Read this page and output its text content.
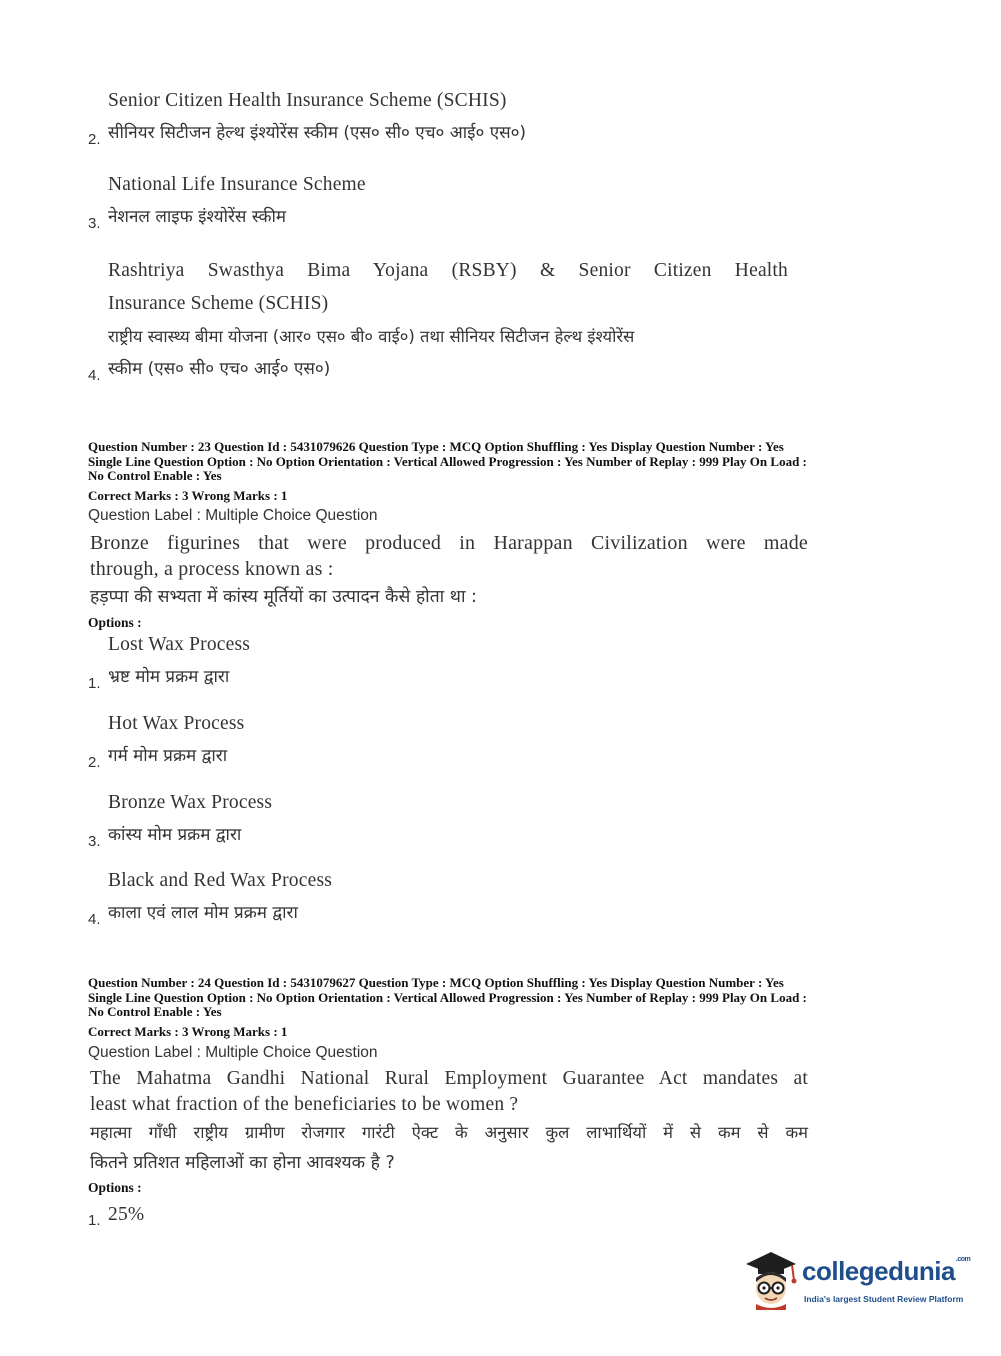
Senior Citizen Health Insurance Scheme (SCHIS)
सीनियर सिटीजन हेल्थ इंश्योरेंस स्कीम (एस० सी० एच० आई० एस०)
2.
National Life Insurance Scheme
नेशनल लाइफ इंश्योरेंस स्कीम
3.
Rashtriya Swasthya Bima Yojana (RSBY) & Senior Citizen Health
Insurance Scheme (SCHIS)
राष्ट्रीय स्वास्थ्य बीमा योजना (आर० एस० बी० वाई०) तथा सीनियर सिटीजन हेल्थ इंश्योरेंस
स्कीम (एस० सी० एच० आई० एस०)
4.
Question Number : 23 Question Id : 5431079626 Question Type : MCQ Option Shuffling : Yes Display Question Number : Yes
Single Line Question Option : No Option Orientation : Vertical Allowed Progression : Yes Number of Replay : 999 Play On Load :
No Control Enable : Yes
Correct Marks : 3 Wrong Marks : 1
Question Label : Multiple Choice Question
Bronze figurines that were produced in Harappan Civilization were made
through, a process known as :
हड़प्पा की सभ्यता में कांस्य मूर्तियों का उत्पादन कैसे होता था :
Options :
Lost Wax Process
भ्रष्ट मोम प्रक्रम द्वारा
1.
Hot Wax Process
गर्म मोम प्रक्रम द्वारा
2.
Bronze Wax Process
कांस्य मोम प्रक्रम द्वारा
3.
Black and Red Wax Process
काला एवं लाल मोम प्रक्रम द्वारा
4.
Question Number : 24 Question Id : 5431079627 Question Type : MCQ Option Shuffling : Yes Display Question Number : Yes
Single Line Question Option : No Option Orientation : Vertical Allowed Progression : Yes Number of Replay : 999 Play On Load :
No Control Enable : Yes
Correct Marks : 3 Wrong Marks : 1
Question Label : Multiple Choice Question
The Mahatma Gandhi National Rural Employment Guarantee Act mandates at
least what fraction of the beneficiaries to be women ?
महात्मा गाँधी राष्ट्रीय ग्रामीण रोजगार गारंटी ऐक्ट के अनुसार कुल लाभार्थियों में से कम से कम
कितने प्रतिशत महिलाओं का होना आवश्यक है ?
Options :
25%
1.
collegedunia$^{.com}$
India's largest Student Review Platform
